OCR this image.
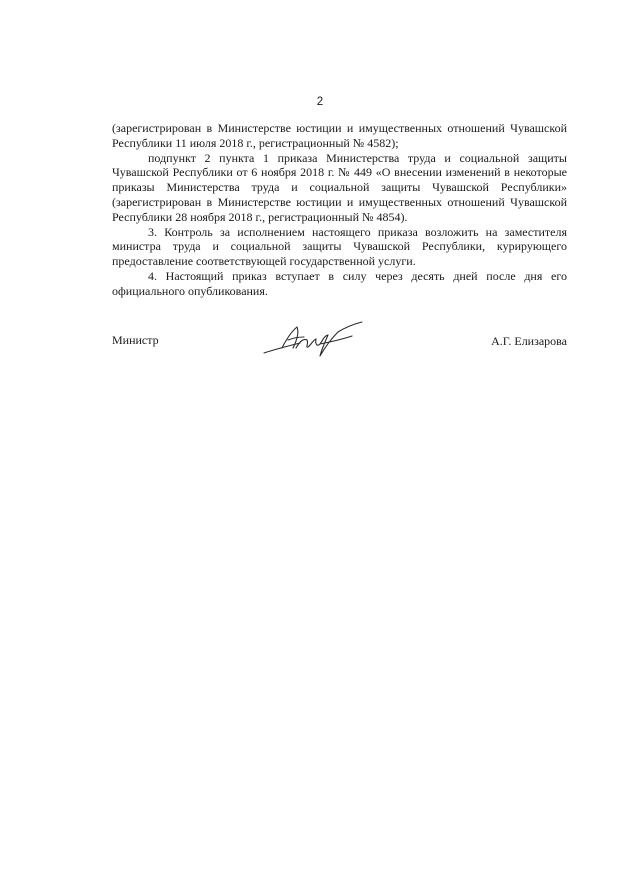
2

(зарегистрирован в Министерстве юстиции и имущественных отношений Чувашской Республики 11 июля 2018 г., регистрационный № 4582);

подпункт 2 пункта 1 приказа Министерства труда и социальной защиты Чувашской Республики от 6 ноября 2018 г. № 449 «О внесении изменений в некоторые приказы Министерства труда и социальной защиты Чувашской Республики» (зарегистрирован в Министерстве юстиции и имущественных отношений Чувашской Республики 28 ноября 2018 г., регистрационный № 4854).

3. Контроль за исполнением настоящего приказа возложить на заместителя министра труда и социальной защиты Чувашской Республики, курирующего предоставление соответствующей государственной услуги.

4. Настоящий приказ вступает в силу через десять дней после дня его официального опубликования.

Министр	А.Г. Елизарова
